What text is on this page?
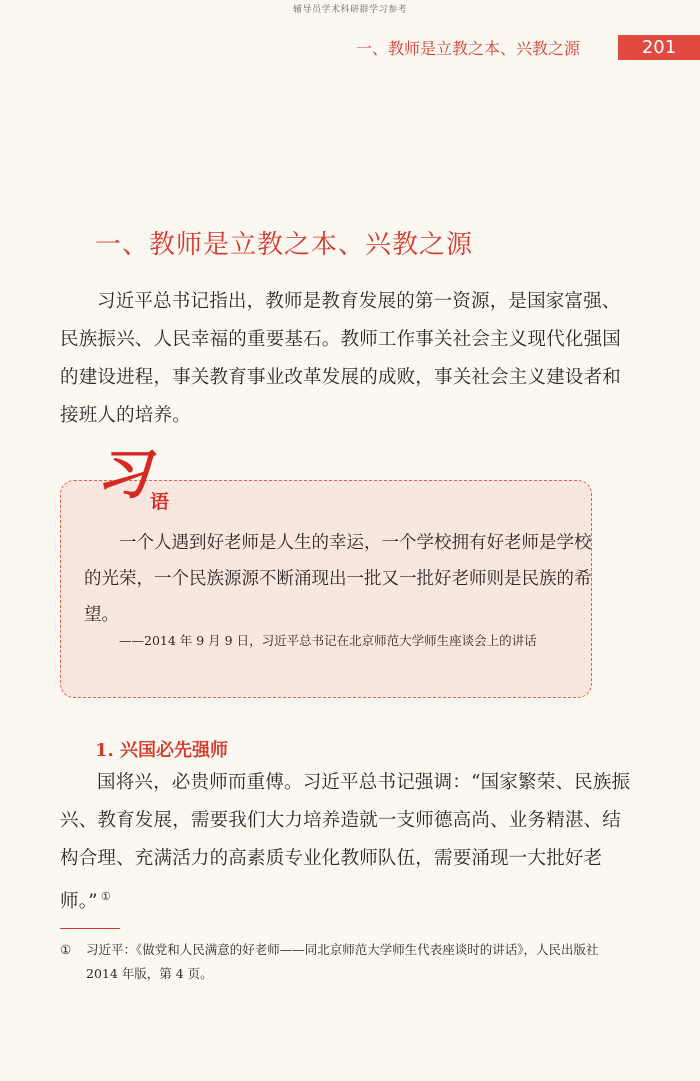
辅导员学术科研群学习参考
一、教师是立教之本、兴教之源	201
一、教师是立教之本、兴教之源

习近平总书记指出，教师是教育发展的第一资源，是国家富强、民族振兴、人民幸福的重要基石。教师工作事关社会主义现代化强国的建设进程，事关教育事业改革发展的成败，事关社会主义建设者和接班人的培养。

习 语

一个人遇到好老师是人生的幸运，一个学校拥有好老师是学校的光荣，一个民族源源不断涌现出一批又一批好老师则是民族的希望。

——2014 年 9 月 9 日，习近平总书记在北京师范大学师生座谈会上的讲话

1. 兴国必先强师

国将兴，必贵师而重傅。习近平总书记强调：“国家繁荣、民族振兴、教育发展，需要我们大力培养造就一支师德高尚、业务精湛、结构合理、充满活力的高素质专业化教师队伍，需要涌现一大批好老师。” ①

① 习近平：《做党和人民满意的好老师——同北京师范大学师生代表座谈时的讲话》，人民出版社 2014 年版，第 4 页。
